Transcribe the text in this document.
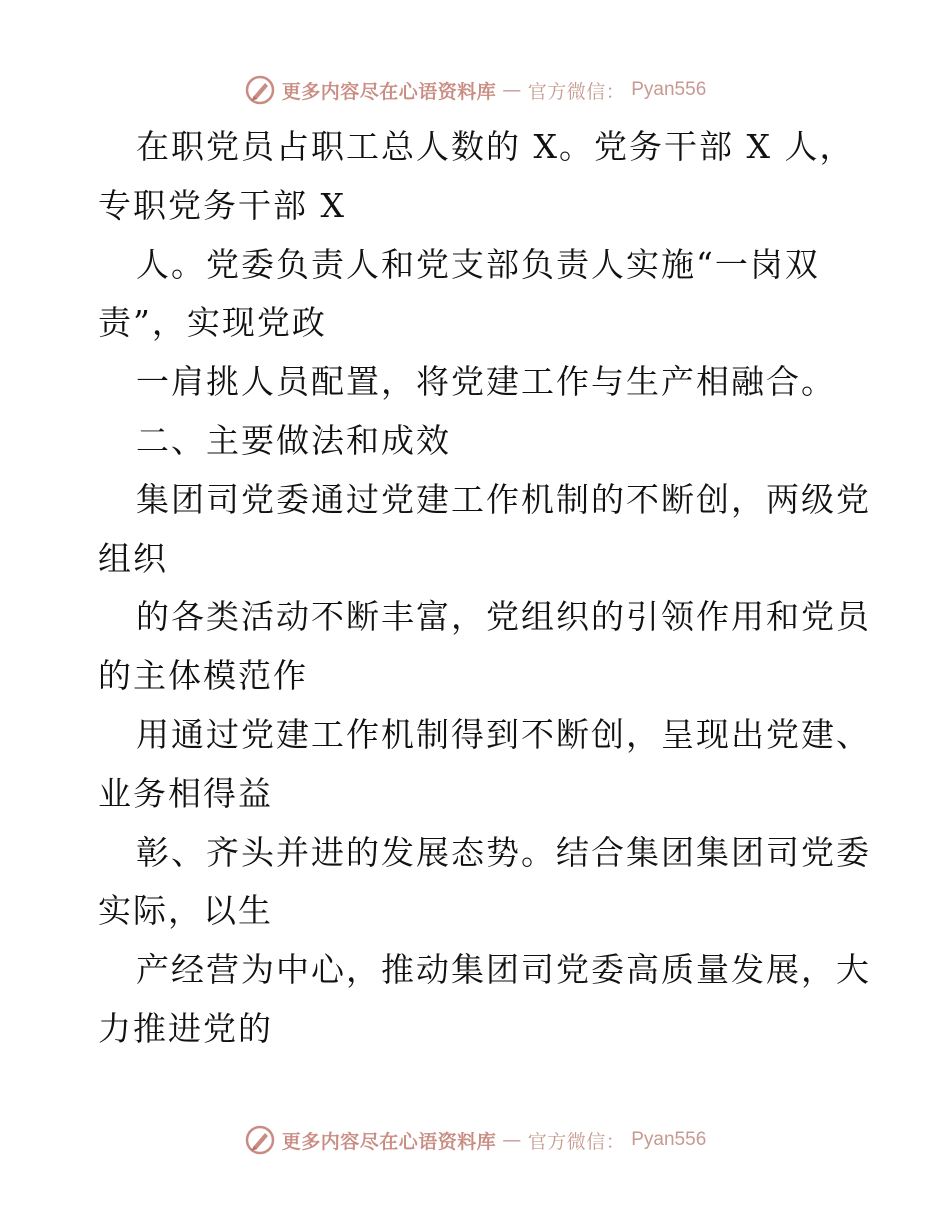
更多内容尽在心语资料库 — 官方微信： Pyan556
在职党员占职工总人数的 X。党务干部 X 人，
专职党务干部 X
人。党委负责人和党支部负责人实施“一岗双
责”，实现党政
一肩挑人员配置，将党建工作与生产相融合。
二、主要做法和成效
集团司党委通过党建工作机制的不断创，两级党
组织
的各类活动不断丰富，党组织的引领作用和党员
的主体模范作
用通过党建工作机制得到不断创，呈现出党建、
业务相得益
彰、齐头并进的发展态势。结合集团集团司党委
实际，以生
产经营为中心，推动集团司党委高质量发展，大
力推进党的
更多内容尽在心语资料库 — 官方微信： Pyan556
